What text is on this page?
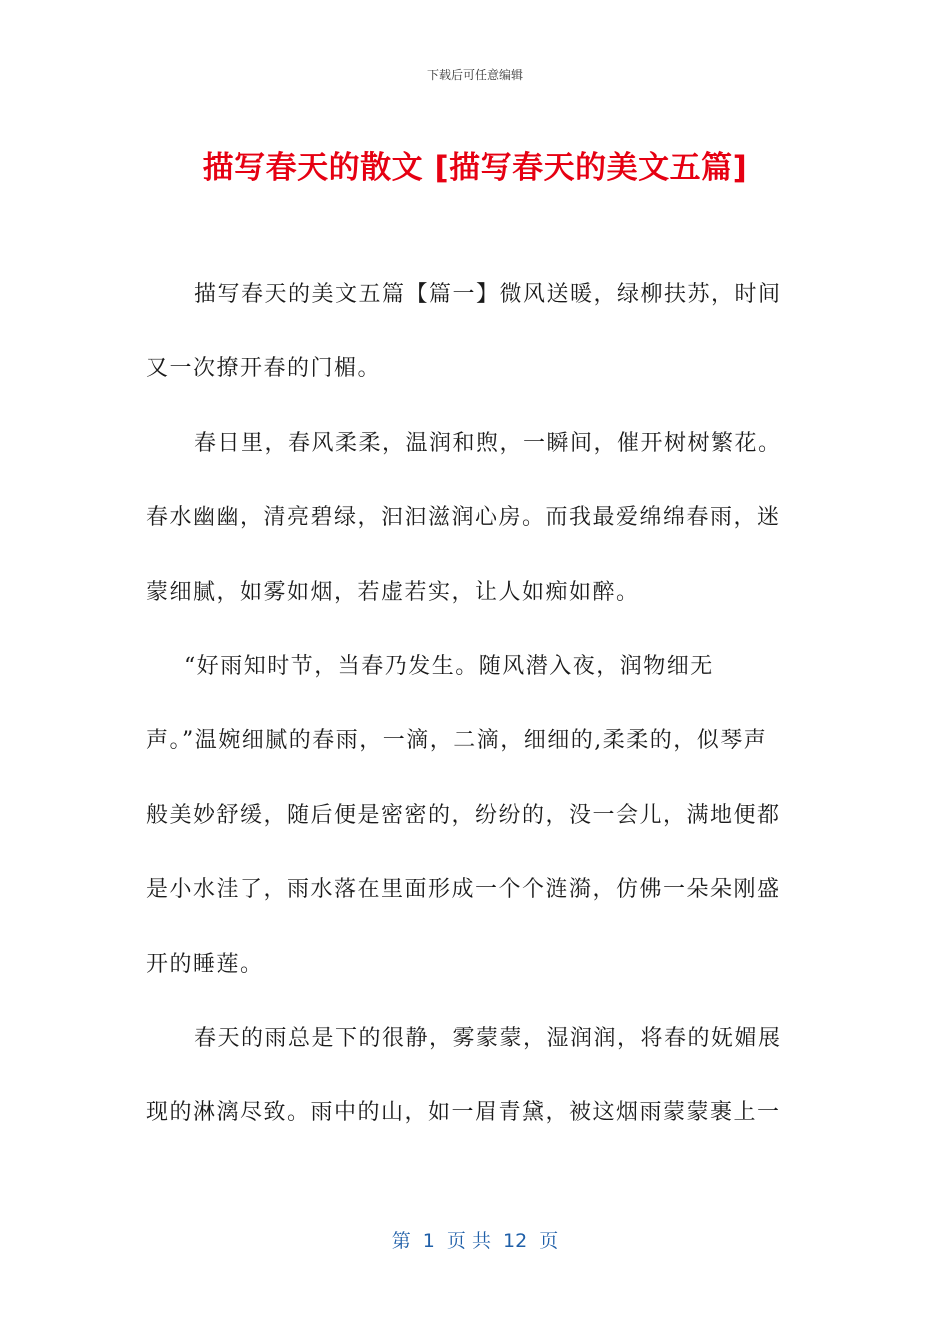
下载后可任意编辑
描写春天的散文 [描写春天的美文五篇]
描写春天的美文五篇【篇一】微风送暖，绿柳扶苏，时间
又一次撩开春的门楣。
春日里，春风柔柔，温润和煦，一瞬间，催开树树繁花。
春水幽幽，清亮碧绿，汩汩滋润心房。而我最爱绵绵春雨，迷
蒙细腻，如雾如烟，若虚若实，让人如痴如醉。
“好雨知时节，当春乃发生。随风潜入夜，润物细无
声。”温婉细腻的春雨，一滴，二滴，细细的,柔柔的，似琴声
般美妙舒缓，随后便是密密的，纷纷的，没一会儿，满地便都
是小水洼了，雨水落在里面形成一个个涟漪，仿佛一朵朵刚盛
开的睡莲。
春天的雨总是下的很静，雾蒙蒙，湿润润，将春的妩媚展
现的淋漓尽致。雨中的山，如一眉青黛，被这烟雨蒙蒙裹上一
第  1  页 共  12  页
